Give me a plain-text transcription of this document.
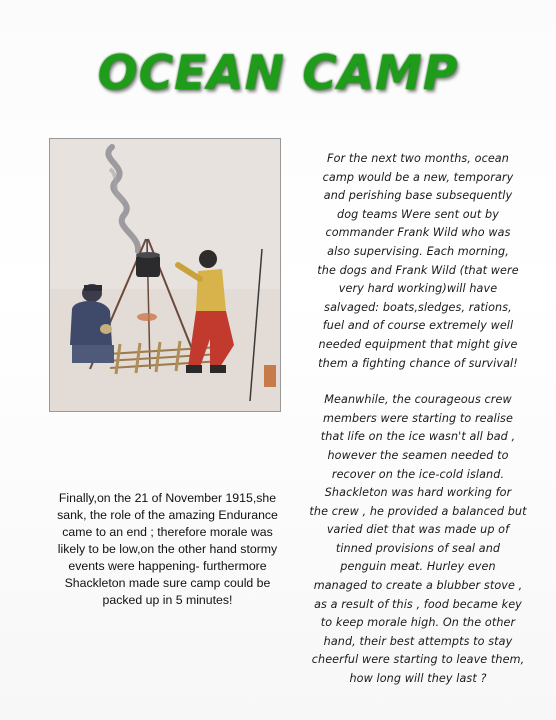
OCEAN CAMP

For the next two months, ocean
camp would be a new, temporary
and perishing base subsequently
dog teams Were sent out by
commander Frank Wild who was
also supervising. Each morning,
the dogs and Frank Wild (that were
very hard working)will have
salvaged: boats,sledges, rations,
fuel and of course extremely well
needed equipment that might give
them a fighting chance of survival!

Meanwhile, the courageous crew
members were starting to realise
that life on the ice wasn't all bad ,
however the seamen needed to
recover on the ice-cold island.
Shackleton was hard working for
the crew , he provided a balanced but
varied diet that was made up of
tinned provisions of seal and
penguin meat. Hurley even
managed to create a blubber stove ,
as a result of this , food became key
to keep morale high. On the other
hand, their best attempts to stay
cheerful were starting to leave them,
how long will they last ?

Finally,on the 21 of November 1915,she sank, the role of the amazing Endurance came to an end ; therefore morale was likely to be low,on the other hand stormy events were happening- furthermore Shackleton made sure camp could be packed up in 5 minutes!
